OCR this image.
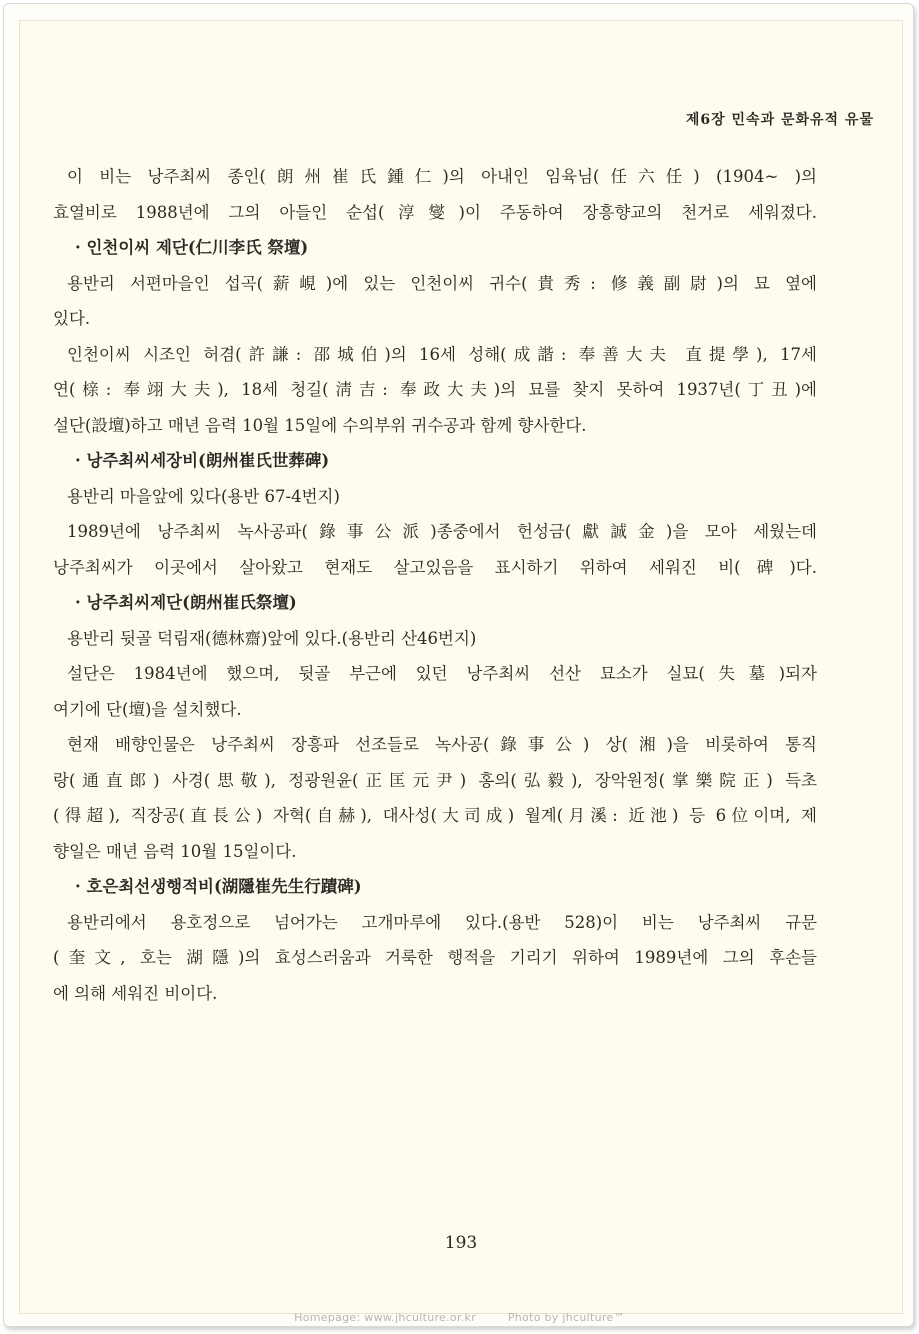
제6장 민속과 문화유적 유물

이 비는 낭주최씨 종인(朗州崔氏鍾仁)의 아내인 임육님(任六任) (1904~ )의

효열비로 1988년에 그의 아들인 순섭(淳燮)이 주동하여 장흥향교의 천거로 세워졌다.

· 인천이씨 제단(仁川李氏 祭壇)

용반리 서편마을인 섭곡(薪峴)에 있는 인천이씨 귀수(貴秀: 修義副尉)의 묘 옆에

있다.

인천이씨 시조인 허겸(許謙: 邵城伯)의 16세 성해(成諧: 奉善大夫 直提學), 17세

연(榇: 奉翊大夫), 18세 청길(淸吉: 奉政大夫)의 묘를 찾지 못하여 1937년(丁丑)에

설단(設壇)하고 매년 음력 10월 15일에 수의부위 귀수공과 함께 향사한다.

· 낭주최씨세장비(朗州崔氏世葬碑)

용반리 마을앞에 있다(용반 67-4번지)

1989년에 낭주최씨 녹사공파(錄事公派)종중에서 헌성금(獻誠金)을 모아 세웠는데

낭주최씨가 이곳에서 살아왔고 현재도 살고있음을 표시하기 위하여 세워진 비(碑)다.

· 낭주최씨제단(朗州崔氏祭壇)

용반리 뒷골 덕림재(德林齋)앞에 있다.(용반리 산46번지)

설단은 1984년에 했으며, 뒷골 부근에 있던 낭주최씨 선산 묘소가 실묘(失墓)되자

여기에 단(壇)을 설치했다.

현재 배향인물은 낭주최씨 장흥파 선조들로 녹사공(錄事公) 상(湘)을 비롯하여 통직

랑(通直郎) 사경(思敬), 정광원윤(正匡元尹) 홍의(弘毅), 장악원정(掌樂院正) 득초

(得超), 직장공(直長公) 자혁(自赫), 대사성(大司成) 월계(月溪: 近池) 등 6位이며, 제

향일은 매년 음력 10월 15일이다.

· 호은최선생행적비(湖隱崔先生行蹟碑)

용반리에서 용호정으로 넘어가는 고개마루에 있다.(용반 528)이 비는 낭주최씨 규문

(奎文, 호는 湖隱)의 효성스러움과 거룩한 행적을 기리기 위하여 1989년에 그의 후손들

에 의해 세워진 비이다.

193
Homepage: www.jhculture.or.kr	Photo by jhculture™
